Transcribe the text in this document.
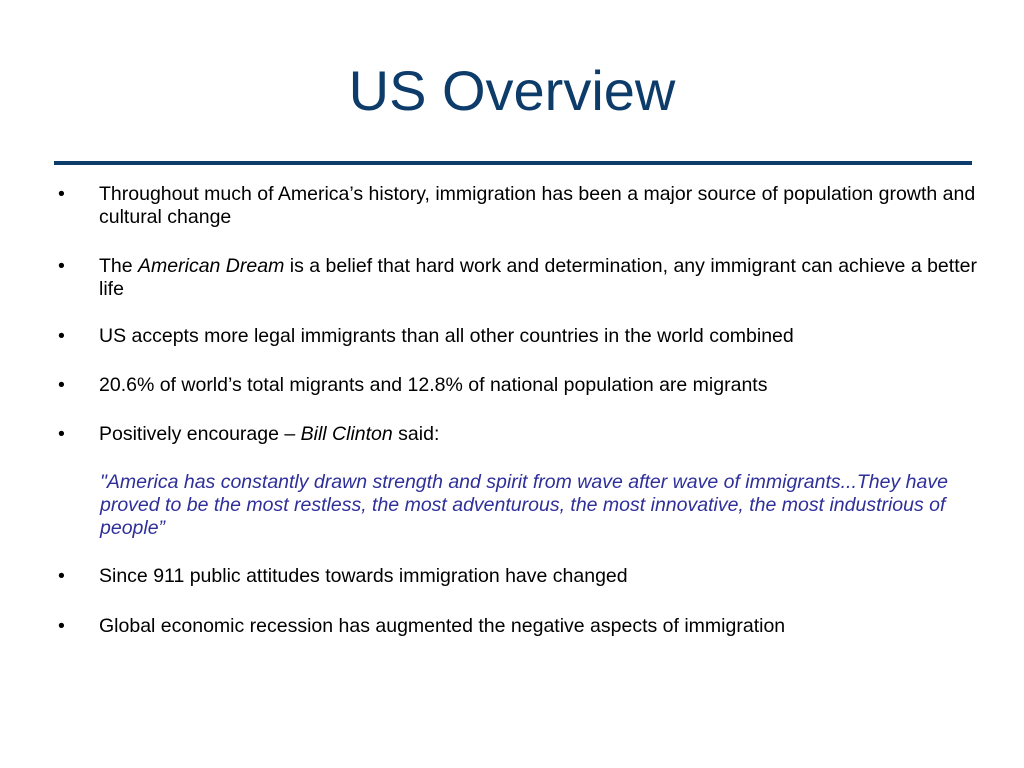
US Overview
• Throughout much of America’s history, immigration has been a major source of population growth and cultural change
• The American Dream is a belief that hard work and determination, any immigrant can achieve a better life
• US accepts more legal immigrants than all other countries in the world combined
• 20.6% of world’s total migrants and 12.8% of national population are migrants
• Positively encourage – Bill Clinton said:
"America has constantly drawn strength and spirit from wave after wave of immigrants...They have proved to be the most restless, the most adventurous, the most innovative, the most industrious of people”
• Since 911 public attitudes towards immigration have changed
• Global economic recession has augmented the negative aspects of immigration
